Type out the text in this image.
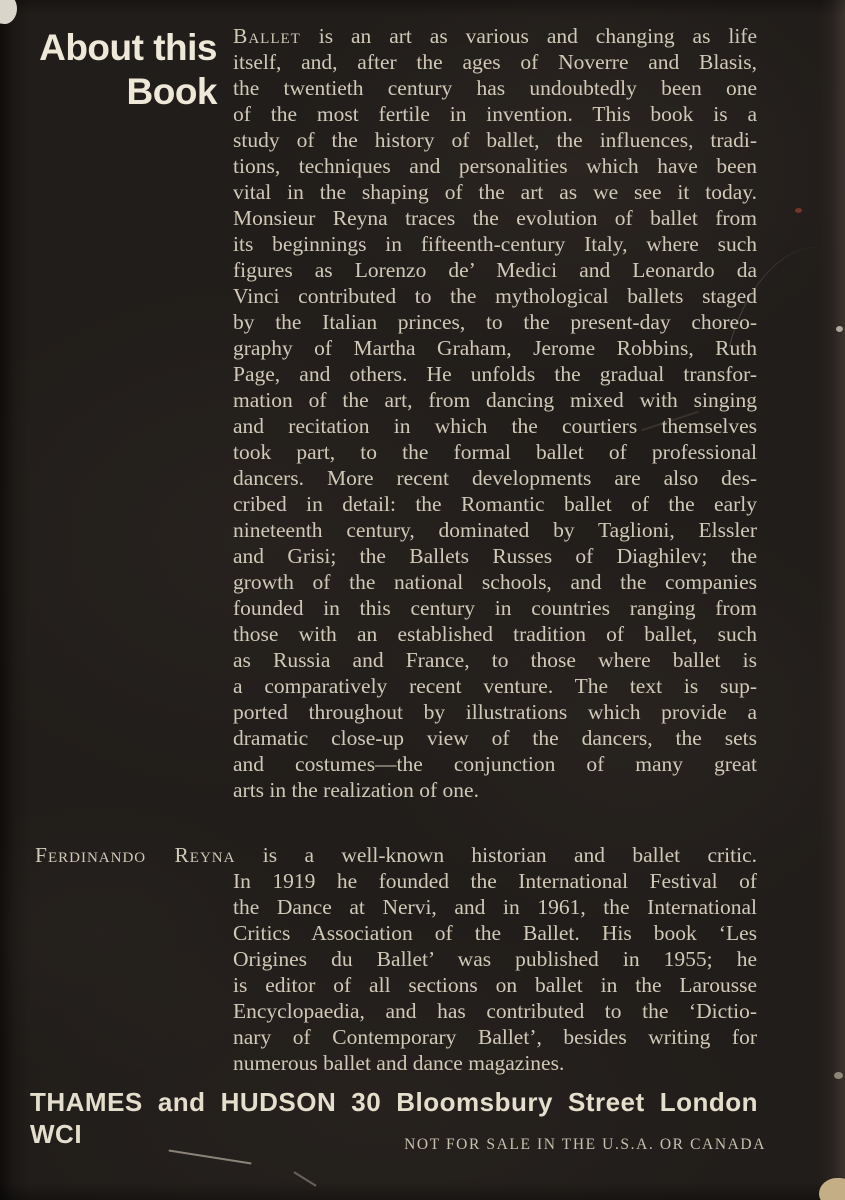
About this
Book
Ballet is an art as various and changing as life
itself, and, after the ages of Noverre and Blasis,
the twentieth century has undoubtedly been one
of the most fertile in invention. This book is a
study of the history of ballet, the influences, tradi-
tions, techniques and personalities which have been
vital in the shaping of the art as we see it today.
Monsieur Reyna traces the evolution of ballet from
its beginnings in fifteenth-century Italy, where such
figures as Lorenzo de’ Medici and Leonardo da
Vinci contributed to the mythological ballets staged
by the Italian princes, to the present-day choreo-
graphy of Martha Graham, Jerome Robbins, Ruth
Page, and others. He unfolds the gradual transfor-
mation of the art, from dancing mixed with singing
and recitation in which the courtiers themselves
took part, to the formal ballet of professional
dancers. More recent developments are also des-
cribed in detail: the Romantic ballet of the early
nineteenth century, dominated by Taglioni, Elssler
and Grisi; the Ballets Russes of Diaghilev; the
growth of the national schools, and the companies
founded in this century in countries ranging from
those with an established tradition of ballet, such
as Russia and France, to those where ballet is
a comparatively recent venture. The text is sup-
ported throughout by illustrations which provide a
dramatic close-up view of the dancers, the sets
and costumes—the conjunction of many great
arts in the realization of one.
Ferdinando Reyna is a well-known historian and ballet critic.
In 1919 he founded the International Festival of
the Dance at Nervi, and in 1961, the International
Critics Association of the Ballet. His book ‘Les
Origines du Ballet’ was published in 1955; he
is editor of all sections on ballet in the Larousse
Encyclopaedia, and has contributed to the ‘Dictio-
nary of Contemporary Ballet’, besides writing for
numerous ballet and dance magazines.
THAMES and HUDSON 30 Bloomsbury Street London WCI	NOT FOR SALE IN THE U.S.A. OR CANADA
